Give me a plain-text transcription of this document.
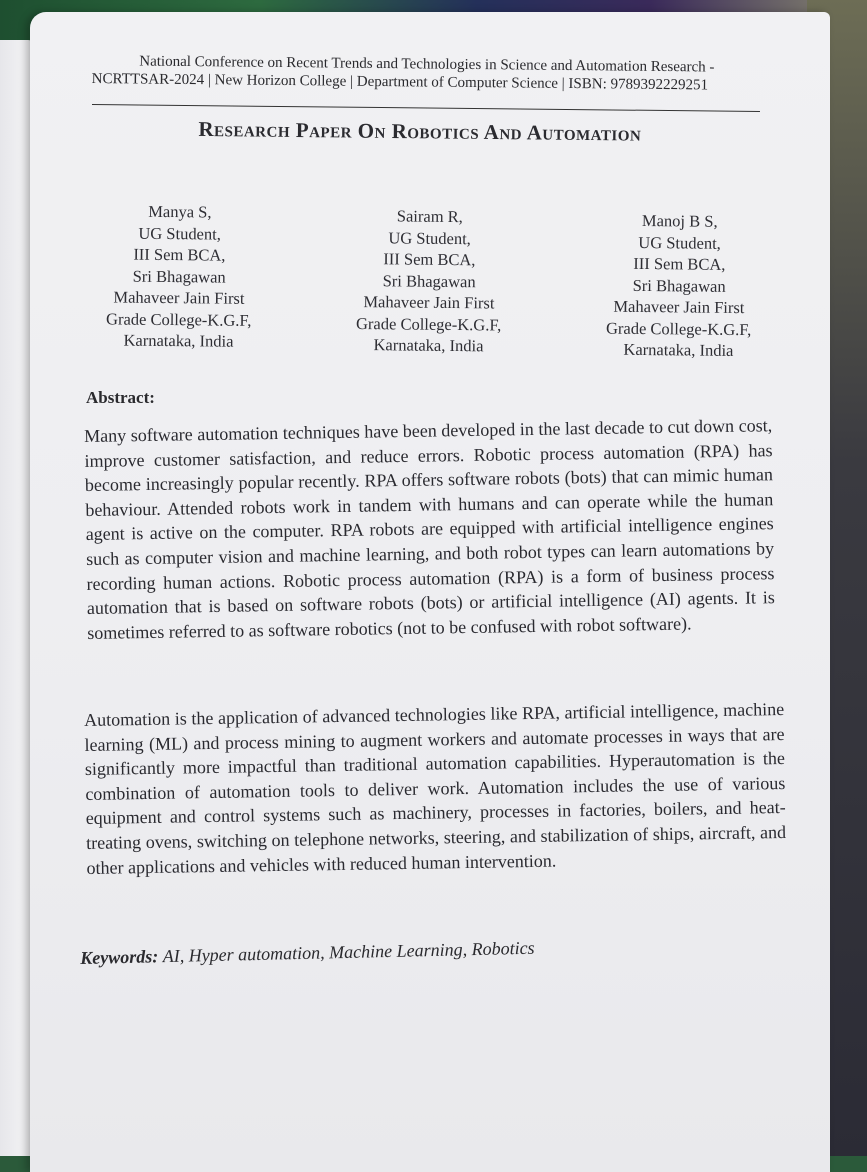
National Conference on Recent Trends and Technologies in Science and Automation Research -
NCRTTSAR-2024 | New Horizon College | Department of Computer Science | ISBN: 9789392229251
Research Paper On Robotics And Automation
Manya S,
UG Student,
III Sem BCA,
Sri Bhagawan
Mahaveer Jain First
Grade College-K.G.F,
Karnataka, India
Sairam R,
UG Student,
III Sem BCA,
Sri Bhagawan
Mahaveer Jain First
Grade College-K.G.F,
Karnataka, India
Manoj B S,
UG Student,
III Sem BCA,
Sri Bhagawan
Mahaveer Jain First
Grade College-K.G.F,
Karnataka, India
Abstract:
Many software automation techniques have been developed in the last decade to cut down cost, improve customer satisfaction, and reduce errors. Robotic process automation (RPA) has become increasingly popular recently. RPA offers software robots (bots) that can mimic human behaviour. Attended robots work in tandem with humans and can operate while the human agent is active on the computer. RPA robots are equipped with artificial intelligence engines such as computer vision and machine learning, and both robot types can learn automations by recording human actions. Robotic process automation (RPA) is a form of business process automation that is based on software robots (bots) or artificial intelligence (AI) agents. It is sometimes referred to as software robotics (not to be confused with robot software).
Automation is the application of advanced technologies like RPA, artificial intelligence, machine learning (ML) and process mining to augment workers and automate processes in ways that are significantly more impactful than traditional automation capabilities. Hyperautomation is the combination of automation tools to deliver work. Automation includes the use of various equipment and control systems such as machinery, processes in factories, boilers, and heat-treating ovens, switching on telephone networks, steering, and stabilization of ships, aircraft, and other applications and vehicles with reduced human intervention.
Keywords: AI, Hyper automation, Machine Learning, Robotics
